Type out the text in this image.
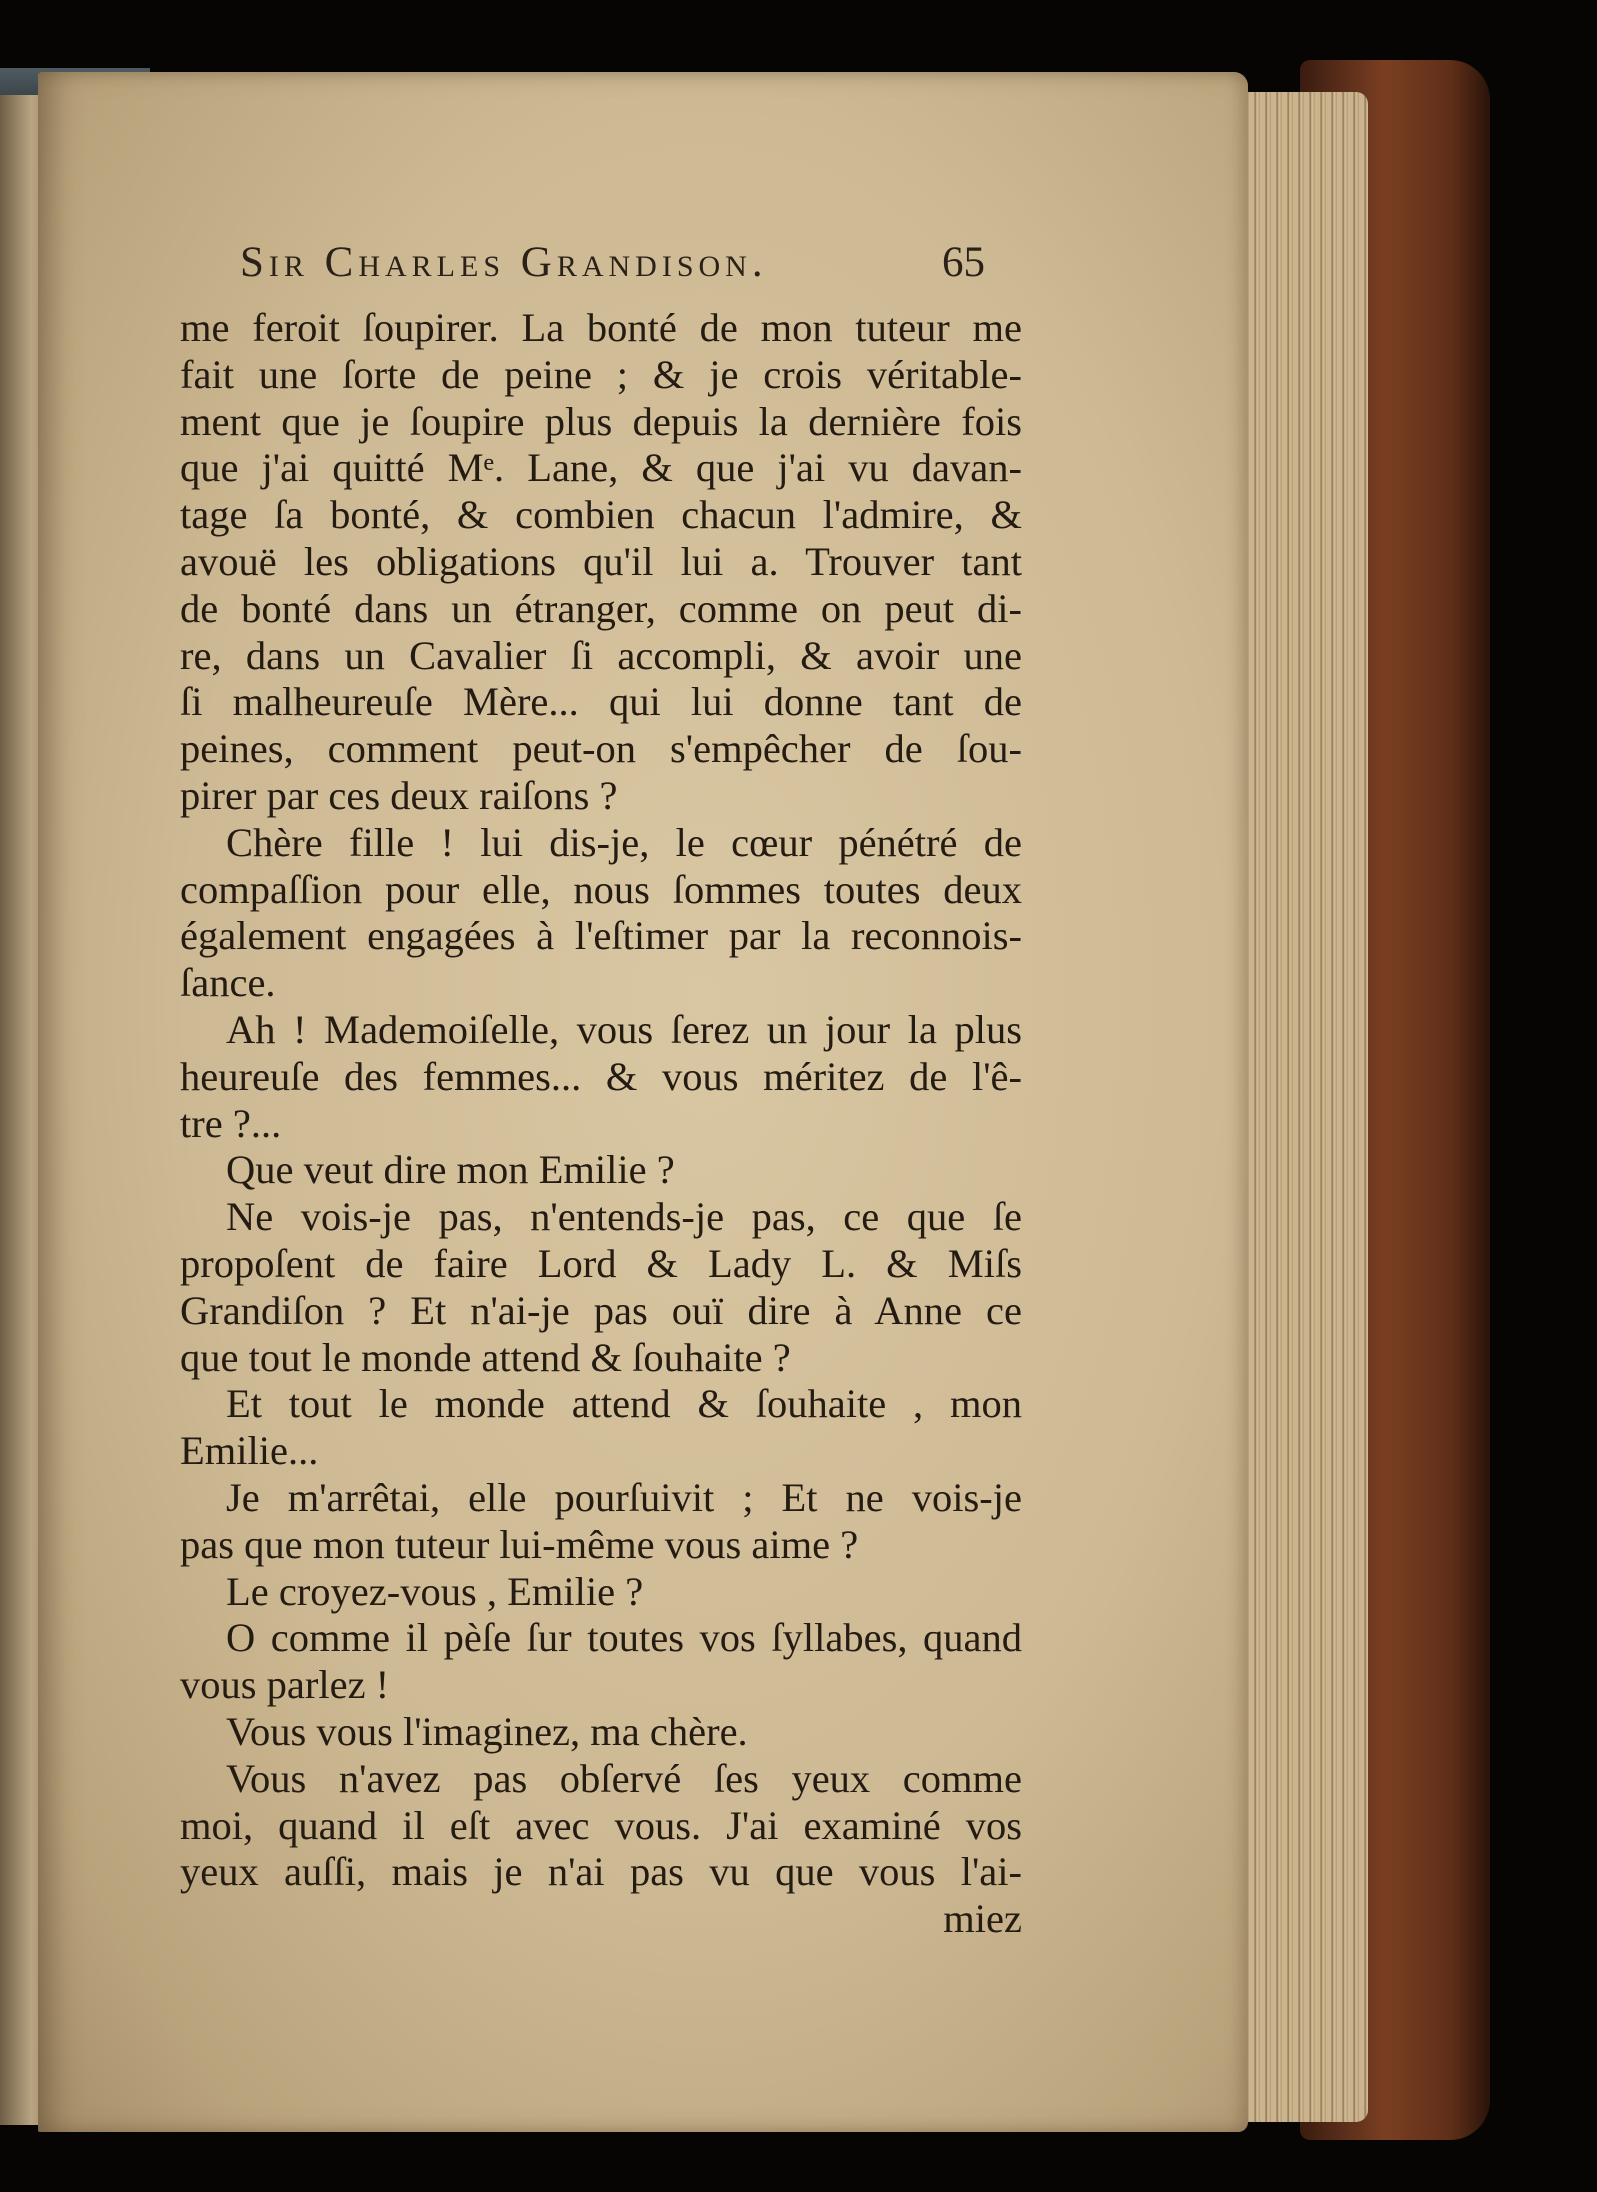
Sir Charles Grandison.	65
me feroit ſoupirer. La bonté de mon tuteur me
fait une ſorte de peine ; & je crois véritable-
ment que je ſoupire plus depuis la dernière fois
que j'ai quitté Mᵉ. Lane, & que j'ai vu davan-
tage ſa bonté, & combien chacun l'admire, &
avouë les obligations qu'il lui a. Trouver tant
de bonté dans un étranger, comme on peut di-
re, dans un Cavalier ſi accompli, & avoir une
ſi malheureuſe Mère... qui lui donne tant de
peines, comment peut-on s'empêcher de ſou-
pirer par ces deux raiſons ?
Chère fille ! lui dis-je, le cœur pénétré de
compaſſion pour elle, nous ſommes toutes deux
également engagées à l'eſtimer par la reconnois-
ſance.
Ah ! Mademoiſelle, vous ſerez un jour la plus
heureuſe des femmes... & vous méritez de l'ê-
tre ?...
Que veut dire mon Emilie ?
Ne vois-je pas, n'entends-je pas, ce que ſe
propoſent de faire Lord & Lady L. & Miſs
Grandiſon ? Et n'ai-je pas ouï dire à Anne ce
que tout le monde attend & ſouhaite ?
Et tout le monde attend & ſouhaite , mon
Emilie...
Je m'arrêtai, elle pourſuivit ; Et ne vois-je
pas que mon tuteur lui-même vous aime ?
Le croyez-vous , Emilie ?
O comme il pèſe ſur toutes vos ſyllabes, quand
vous parlez !
Vous vous l'imaginez, ma chère.
Vous n'avez pas obſervé ſes yeux comme
moi, quand il eſt avec vous. J'ai examiné vos
yeux auſſi, mais je n'ai pas vu que vous l'ai-
miez
